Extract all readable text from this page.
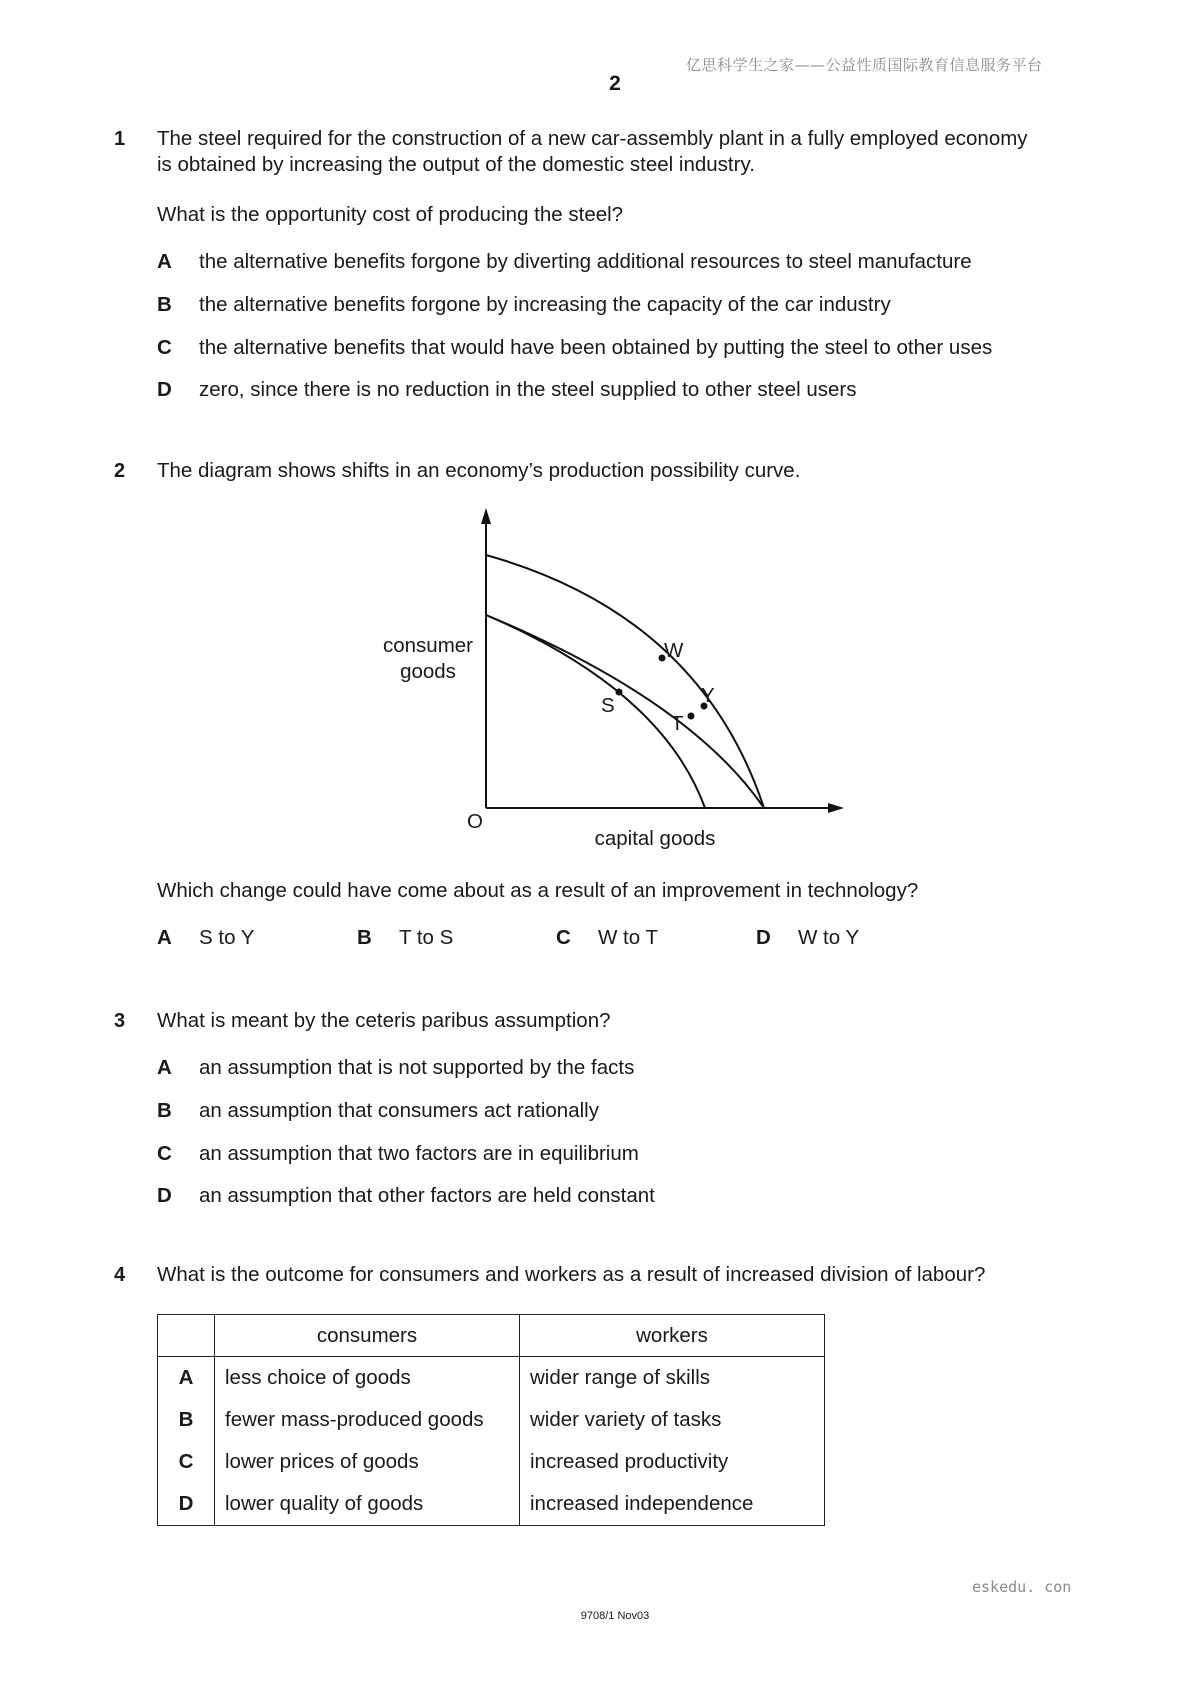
亿思科学生之家——公益性质国际教育信息服务平台
2
1 The steel required for the construction of a new car-assembly plant in a fully employed economy
is obtained by increasing the output of the domestic steel industry.
What is the opportunity cost of producing the steel?
A the alternative benefits forgone by diverting additional resources to steel manufacture
B the alternative benefits forgone by increasing the capacity of the car industry
C the alternative benefits that would have been obtained by putting the steel to other uses
D zero, since there is no reduction in the steel supplied to other steel users
2 The diagram shows shifts in an economy’s production possibility curve.
consumer
goods
capital goods
O
W
Y
S
T
Which change could have come about as a result of an improvement in technology?
A S to Y	B T to S	C W to T	D W to Y
3 What is meant by the ceteris paribus assumption?
A an assumption that is not supported by the facts
B an assumption that consumers act rationally
C an assumption that two factors are in equilibrium
D an assumption that other factors are held constant
4 What is the outcome for consumers and workers as a result of increased division of labour?
	consumers	workers
A	less choice of goods	wider range of skills
B	fewer mass-produced goods	wider variety of tasks
C	lower prices of goods	increased productivity
D	lower quality of goods	increased independence
eskedu. con
9708/1 Nov03
